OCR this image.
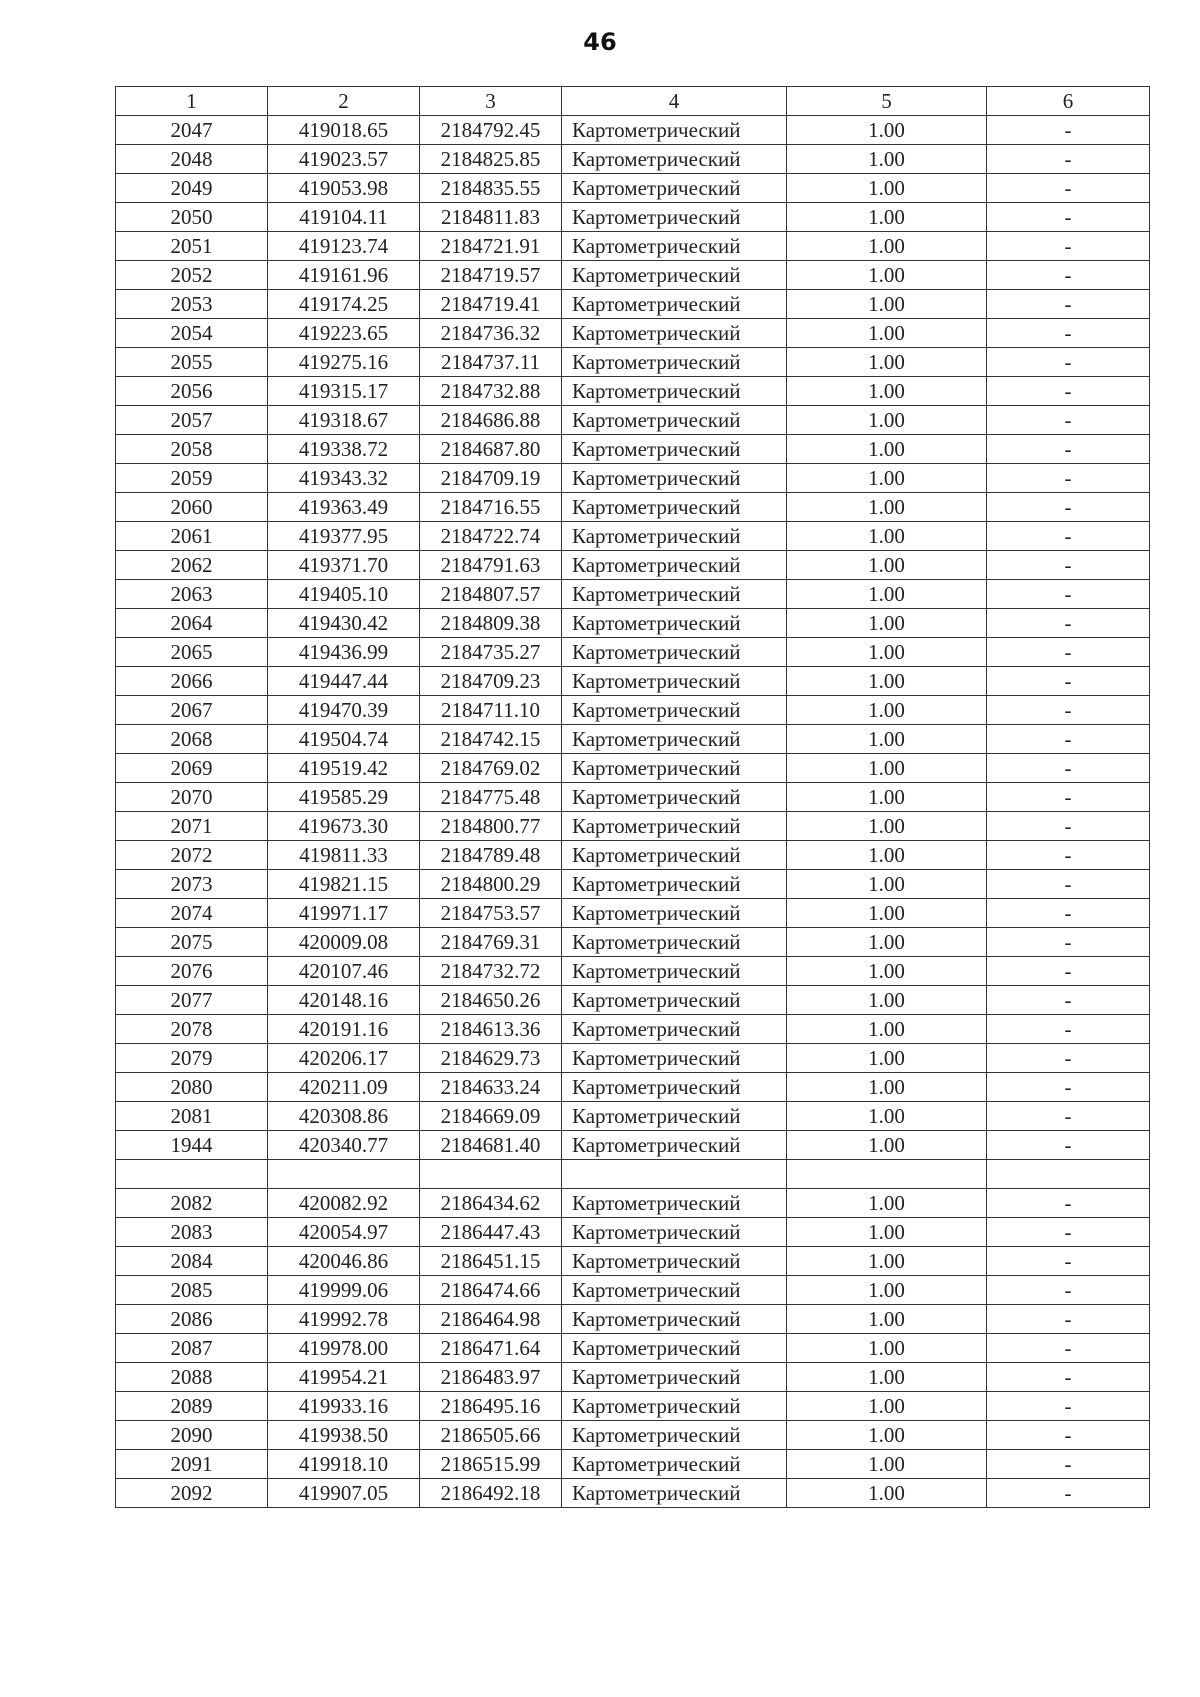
46
1	2	3	4	5	6
2047	419018.65	2184792.45	Картометрический	1.00	-
2048	419023.57	2184825.85	Картометрический	1.00	-
2049	419053.98	2184835.55	Картометрический	1.00	-
2050	419104.11	2184811.83	Картометрический	1.00	-
2051	419123.74	2184721.91	Картометрический	1.00	-
2052	419161.96	2184719.57	Картометрический	1.00	-
2053	419174.25	2184719.41	Картометрический	1.00	-
2054	419223.65	2184736.32	Картометрический	1.00	-
2055	419275.16	2184737.11	Картометрический	1.00	-
2056	419315.17	2184732.88	Картометрический	1.00	-
2057	419318.67	2184686.88	Картометрический	1.00	-
2058	419338.72	2184687.80	Картометрический	1.00	-
2059	419343.32	2184709.19	Картометрический	1.00	-
2060	419363.49	2184716.55	Картометрический	1.00	-
2061	419377.95	2184722.74	Картометрический	1.00	-
2062	419371.70	2184791.63	Картометрический	1.00	-
2063	419405.10	2184807.57	Картометрический	1.00	-
2064	419430.42	2184809.38	Картометрический	1.00	-
2065	419436.99	2184735.27	Картометрический	1.00	-
2066	419447.44	2184709.23	Картометрический	1.00	-
2067	419470.39	2184711.10	Картометрический	1.00	-
2068	419504.74	2184742.15	Картометрический	1.00	-
2069	419519.42	2184769.02	Картометрический	1.00	-
2070	419585.29	2184775.48	Картометрический	1.00	-
2071	419673.30	2184800.77	Картометрический	1.00	-
2072	419811.33	2184789.48	Картометрический	1.00	-
2073	419821.15	2184800.29	Картометрический	1.00	-
2074	419971.17	2184753.57	Картометрический	1.00	-
2075	420009.08	2184769.31	Картометрический	1.00	-
2076	420107.46	2184732.72	Картометрический	1.00	-
2077	420148.16	2184650.26	Картометрический	1.00	-
2078	420191.16	2184613.36	Картометрический	1.00	-
2079	420206.17	2184629.73	Картометрический	1.00	-
2080	420211.09	2184633.24	Картометрический	1.00	-
2081	420308.86	2184669.09	Картометрический	1.00	-
1944	420340.77	2184681.40	Картометрический	1.00	-

2082	420082.92	2186434.62	Картометрический	1.00	-
2083	420054.97	2186447.43	Картометрический	1.00	-
2084	420046.86	2186451.15	Картометрический	1.00	-
2085	419999.06	2186474.66	Картометрический	1.00	-
2086	419992.78	2186464.98	Картометрический	1.00	-
2087	419978.00	2186471.64	Картометрический	1.00	-
2088	419954.21	2186483.97	Картометрический	1.00	-
2089	419933.16	2186495.16	Картометрический	1.00	-
2090	419938.50	2186505.66	Картометрический	1.00	-
2091	419918.10	2186515.99	Картометрический	1.00	-
2092	419907.05	2186492.18	Картометрический	1.00	-
